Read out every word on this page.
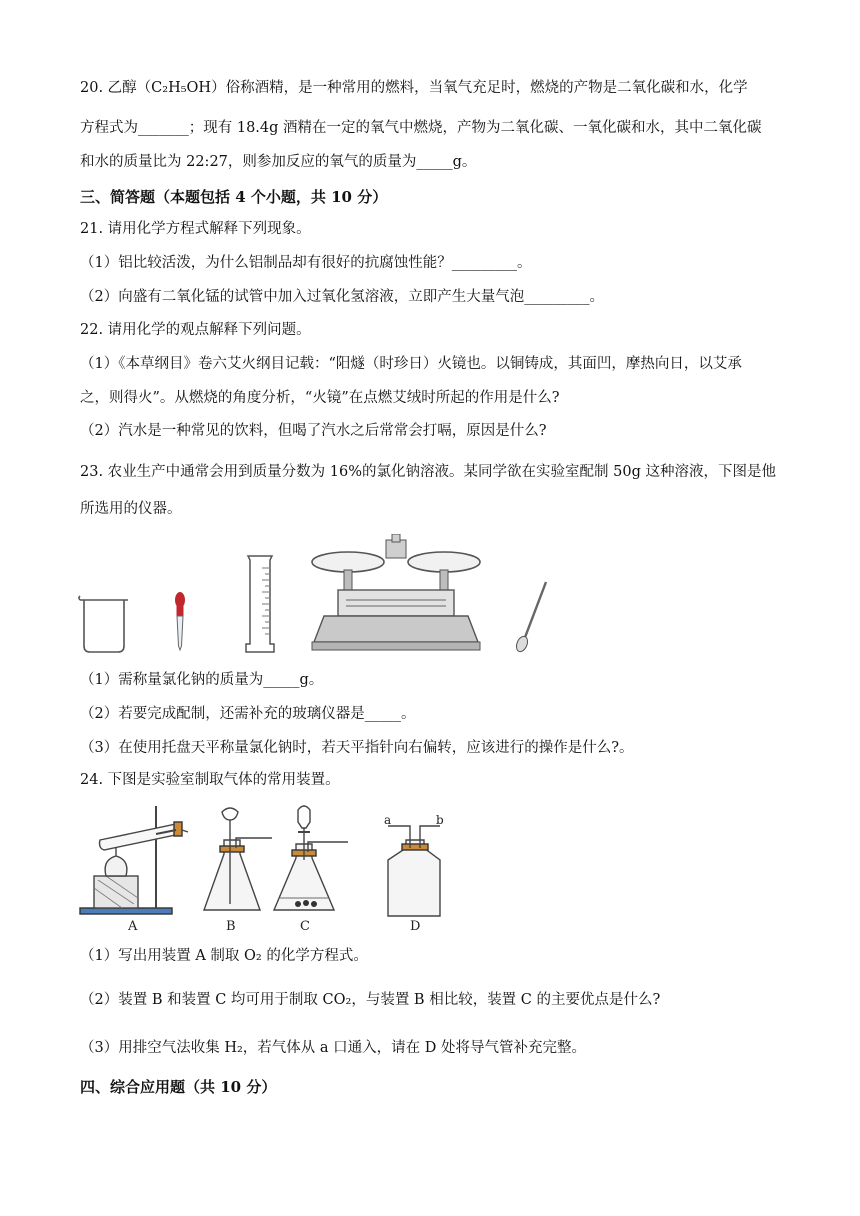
20. 乙醇（C₂H₅OH）俗称酒精，是一种常用的燃料，当氧气充足时，燃烧的产物是二氧化碳和水，化学
方程式为_______；现有 18.4g 酒精在一定的氧气中燃烧，产物为二氧化碳、一氧化碳和水，其中二氧化碳
和水的质量比为 22:27，则参加反应的氧气的质量为_____g。
三、简答题（本题包括 4 个小题，共 10 分）
21. 请用化学方程式解释下列现象。
（1）铝比较活泼，为什么铝制品却有很好的抗腐蚀性能？_________。
（2）向盛有二氧化锰的试管中加入过氧化氢溶液，立即产生大量气泡_________。
22. 请用化学的观点解释下列问题。
（1）《本草纲目》卷六艾火纲目记载：“阳燧（时珍日）火镜也。以铜铸成，其面凹，摩热向日，以艾承
之，则得火”。从燃烧的角度分析，“火镜”在点燃艾绒时所起的作用是什么?
（2）汽水是一种常见的饮料，但喝了汽水之后常常会打嗝，原因是什么?
23. 农业生产中通常会用到质量分数为 16%的氯化钠溶液。某同学欲在实验室配制 50g 这种溶液，下图是他
所选用的仪器。
（1）需称量氯化钠的质量为_____g。
（2）若要完成配制，还需补充的玻璃仪器是_____。
（3）在使用托盘天平称量氯化钠时，若天平指针向右偏转，应该进行的操作是什么?。
24. 下图是实验室制取气体的常用装置。
A	B	C	D
a	b
（1）写出用装置 A 制取 O₂ 的化学方程式。
（2）装置 B 和装置 C 均可用于制取 CO₂，与装置 B 相比较，装置 C 的主要优点是什么?
（3）用排空气法收集 H₂，若气体从 a 口通入，请在 D 处将导气管补充完整。
四、综合应用题（共 10 分）
